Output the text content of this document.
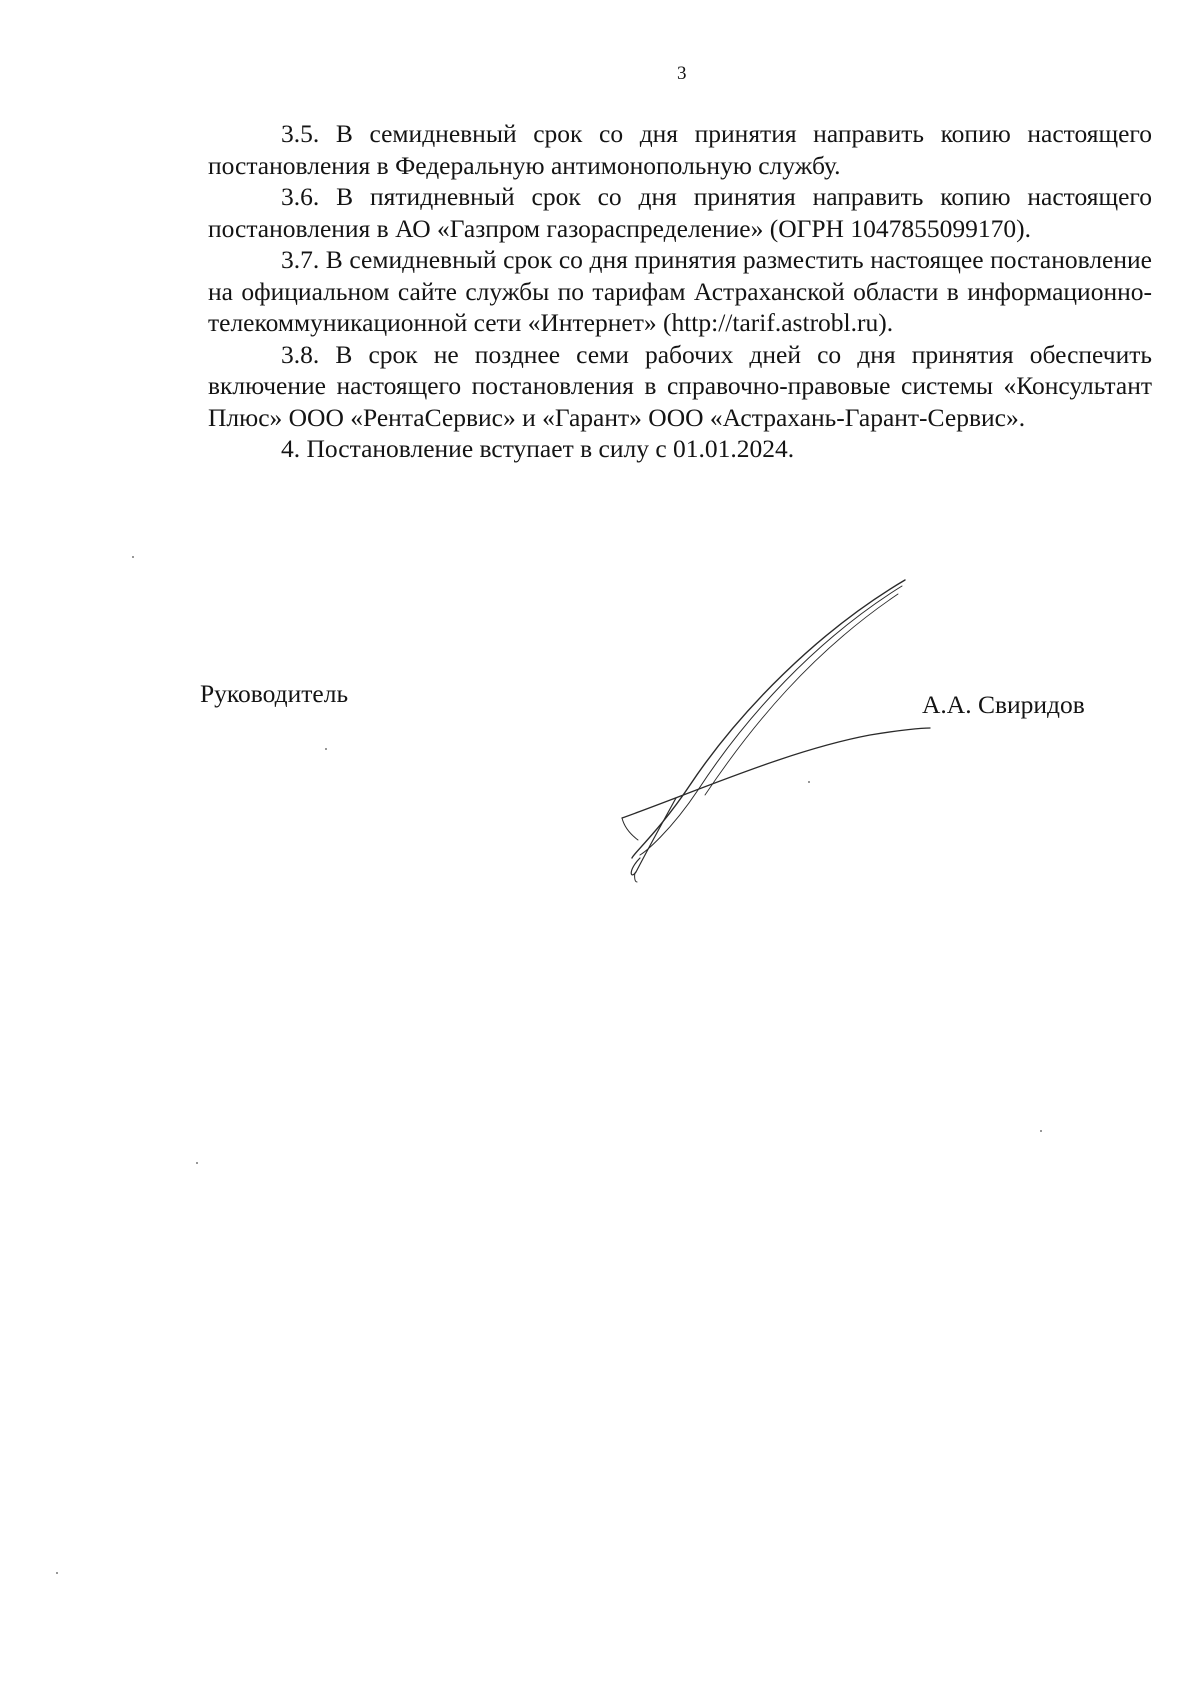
3

3.5. В семидневный срок со дня принятия направить копию настоящего постановления в Федеральную антимонопольную службу.

3.6. В пятидневный срок со дня принятия направить копию настоящего постановления в АО «Газпром газораспределение» (ОГРН 1047855099170).

3.7. В семидневный срок со дня принятия разместить настоящее постановление на официальном сайте службы по тарифам Астраханской области в информационно-телекоммуникационной сети «Интернет» (http://tarif.astrobl.ru).

3.8. В срок не позднее семи рабочих дней со дня принятия обеспечить включение настоящего постановления в справочно-правовые системы «Консультант Плюс» ООО «РентаСервис» и «Гарант» ООО «Астрахань-Гарант-Сервис».

4. Постановление вступает в силу с 01.01.2024.

Руководитель	А.А. Свиридов
